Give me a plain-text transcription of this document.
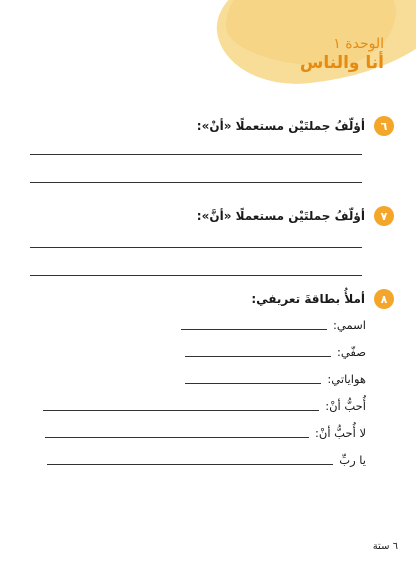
الوحدة ١
أنا والناس
٦
أؤلّفُ جملتَيْن مستعملًا «أنْ»:
٧
أؤلّفُ جملتَيْن مستعملًا «أنَّ»:
٨
أملأُ بطاقةَ تعريفي:
اسمي:
صفّي:
هواياتي:
أُحبُّ أنْ:
لا أُحبُّ أنْ:
يا ربِّ
٦ ستة
